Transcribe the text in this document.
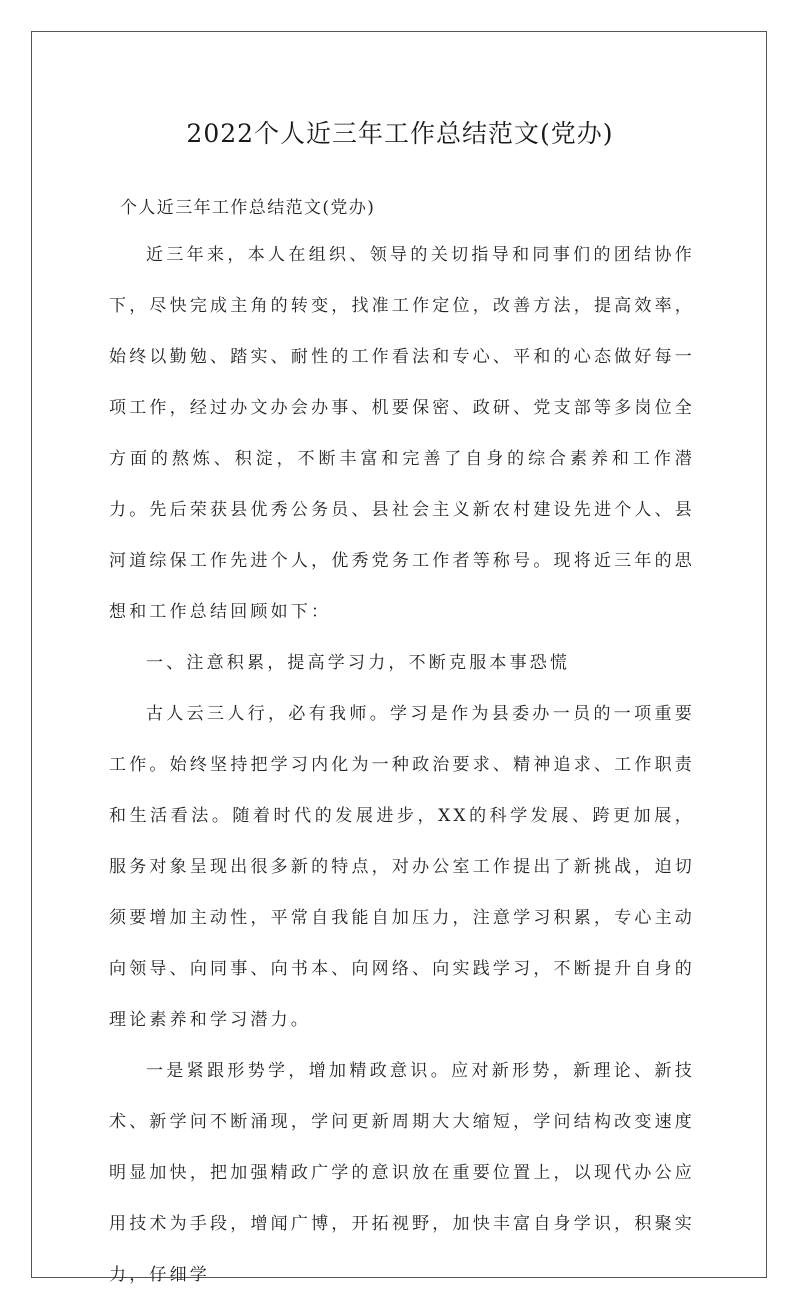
2022个人近三年工作总结范文(党办)
个人近三年工作总结范文(党办)

近三年来，本人在组织、领导的关切指导和同事们的团结协作下，尽快完成主角的转变，找准工作定位，改善方法，提高效率，始终以勤勉、踏实、耐性的工作看法和专心、平和的心态做好每一项工作，经过办文办会办事、机要保密、政研、党支部等多岗位全方面的熬炼、积淀，不断丰富和完善了自身的综合素养和工作潜力。先后荣获县优秀公务员、县社会主义新农村建设先进个人、县河道综保工作先进个人，优秀党务工作者等称号。现将近三年的思想和工作总结回顾如下：

一、注意积累，提高学习力，不断克服本事恐慌

古人云三人行，必有我师。学习是作为县委办一员的一项重要工作。始终坚持把学习内化为一种政治要求、精神追求、工作职责和生活看法。随着时代的发展进步，XX的科学发展、跨更加展，服务对象呈现出很多新的特点，对办公室工作提出了新挑战，迫切须要增加主动性，平常自我能自加压力，注意学习积累，专心主动向领导、向同事、向书本、向网络、向实践学习，不断提升自身的理论素养和学习潜力。

一是紧跟形势学，增加精政意识。应对新形势，新理论、新技术、新学问不断涌现，学问更新周期大大缩短，学问结构改变速度明显加快，把加强精政广学的意识放在重要位置上，以现代办公应用技术为手段，增闻广博，开拓视野，加快丰富自身学识，积聚实力，仔细学
